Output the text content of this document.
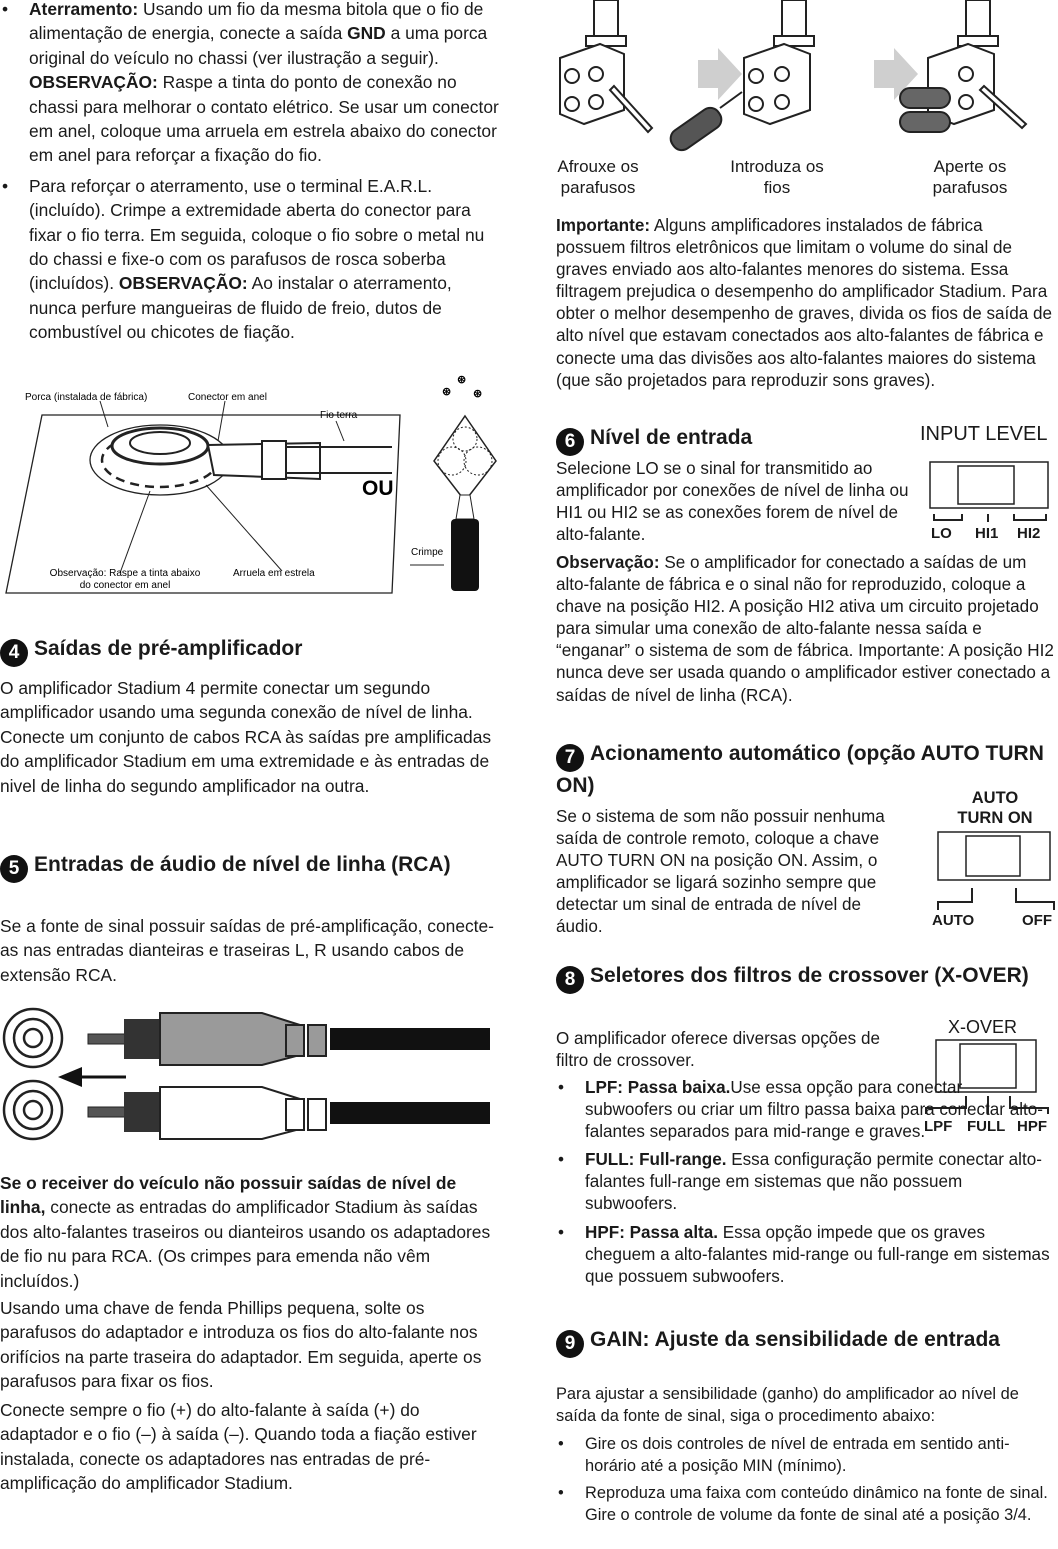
• Aterramento: Usando um fio da mesma bitola que o fio de alimentação de energia, conecte a saída GND a uma porca original do veículo no chassi (ver ilustração a seguir). OBSERVAÇÃO: Raspe a tinta do ponto de conexão no chassi para melhorar o contato elétrico. Se usar um conector em anel, coloque uma arruela em estrela abaixo do conector em anel para reforçar a fixação do fio.
• Para reforçar o aterramento, use o terminal E.A.R.L. (incluído). Crimpe a extremidade aberta do conector para fixar o fio terra. Em seguida, coloque o fio sobre o metal nu do chassi e fixe-o com os parafusos de rosca soberba (incluídos). OBSERVAÇÃO: Ao instalar o aterramento, nunca perfure mangueiras de fluido de freio, dutos de combustível ou chicotes de fiação.
Porca (instalada de fábrica)	Conector em anel
Fio terra
OU
Crimpe
Observação: Raspe a tinta abaixo
do conector em anel
Arruela em estrela
⊛
⊛
⊛
4 Saídas de pré-amplificador

O amplificador Stadium 4 permite conectar um segundo amplificador usando uma segunda conexão de nível de linha. Conecte um conjunto de cabos RCA às saídas pre amplificadas do amplificador Stadium em uma extremidade e às entradas de nivel de linha do segundo amplificador na outra.

5 Entradas de áudio de nível de linha (RCA)

Se a fonte de sinal possuir saídas de pré-amplificação, conecte-as nas entradas dianteiras e traseiras L, R usando cabos de extensão RCA.

Se o receiver do veículo não possuir saídas de nível de linha, conecte as entradas do amplificador Stadium às saídas dos alto-falantes traseiros ou dianteiros usando os adaptadores de fio nu para RCA. (Os crimpes para emenda não vêm incluídos.)

Usando uma chave de fenda Phillips pequena, solte os parafusos do adaptador e introduza os fios do alto-falante nos orifícios na parte traseira do adaptador. Em seguida, aperte os parafusos para fixar os fios.

Conecte sempre o fio (+) do alto-falante à saída (+) do adaptador e o fio (–) à saída (–). Quando toda a fiação estiver instalada, conecte os adaptadores nas entradas de pré-amplificação do amplificador Stadium.

Afrouxe os
parafusos
Introduza os
fios
Aperte os
parafusos

Importante: Alguns amplificadores instalados de fábrica possuem filtros eletrônicos que limitam o volume do sinal de graves enviado aos alto-falantes menores do sistema. Essa filtragem prejudica o desempenho do amplificador Stadium. Para obter o melhor desempenho de graves, divida os fios de saída de alto nível que estavam conectados aos alto-falantes de fábrica e conecte uma das divisões aos alto-falantes maiores do sistema (que são projetados para reproduzir sons graves).

6 Nível de entrada	INPUT LEVEL
LO HI1 HI2

Selecione LO se o sinal for transmitido ao amplificador por conexões de nível de linha ou HI1 ou HI2 se as conexões forem de nível de alto-falante.

Observação: Se o amplificador for conectado a saídas de um alto-falante de fábrica e o sinal não for reproduzido, coloque a chave na posição HI2. A posição HI2 ativa um circuito projetado para simular uma conexão de alto-falante nessa saída e “enganar” o sistema de som de fábrica. Importante: A posição HI2 nunca deve ser usada quando o amplificador estiver conectado a saídas de nível de linha (RCA).

7 Acionamento automático (opção AUTO TURN ON)
AUTO
TURN ON
AUTO	OFF

Se o sistema de som não possuir nenhuma saída de controle remoto, coloque a chave AUTO TURN ON na posição ON. Assim, o amplificador se ligará sozinho sempre que detectar um sinal de entrada de nível de áudio.

8 Seletores dos filtros de crossover (X-OVER)
X-OVER
LPF FULL HPF

O amplificador oferece diversas opções de filtro de crossover.

• LPF: Passa baixa.Use essa opção para conectar subwoofers ou criar um filtro passa baixa para conectar alto-falantes separados para mid-range e graves.
• FULL: Full-range. Essa configuração permite conectar alto-falantes full-range em sistemas que não possuem subwoofers.
• HPF: Passa alta. Essa opção impede que os graves cheguem a alto-falantes mid-range ou full-range em sistemas que possuem subwoofers.
9 GAIN: Ajuste da sensibilidade de entrada

Para ajustar a sensibilidade (ganho) do amplificador ao nível de saída da fonte de sinal, siga o procedimento abaixo:

• Gire os dois controles de nível de entrada em sentido anti-horário até a posição MIN (mínimo).
• Reproduza uma faixa com conteúdo dinâmico na fonte de sinal. Gire o controle de volume da fonte de sinal até a posição 3/4.
